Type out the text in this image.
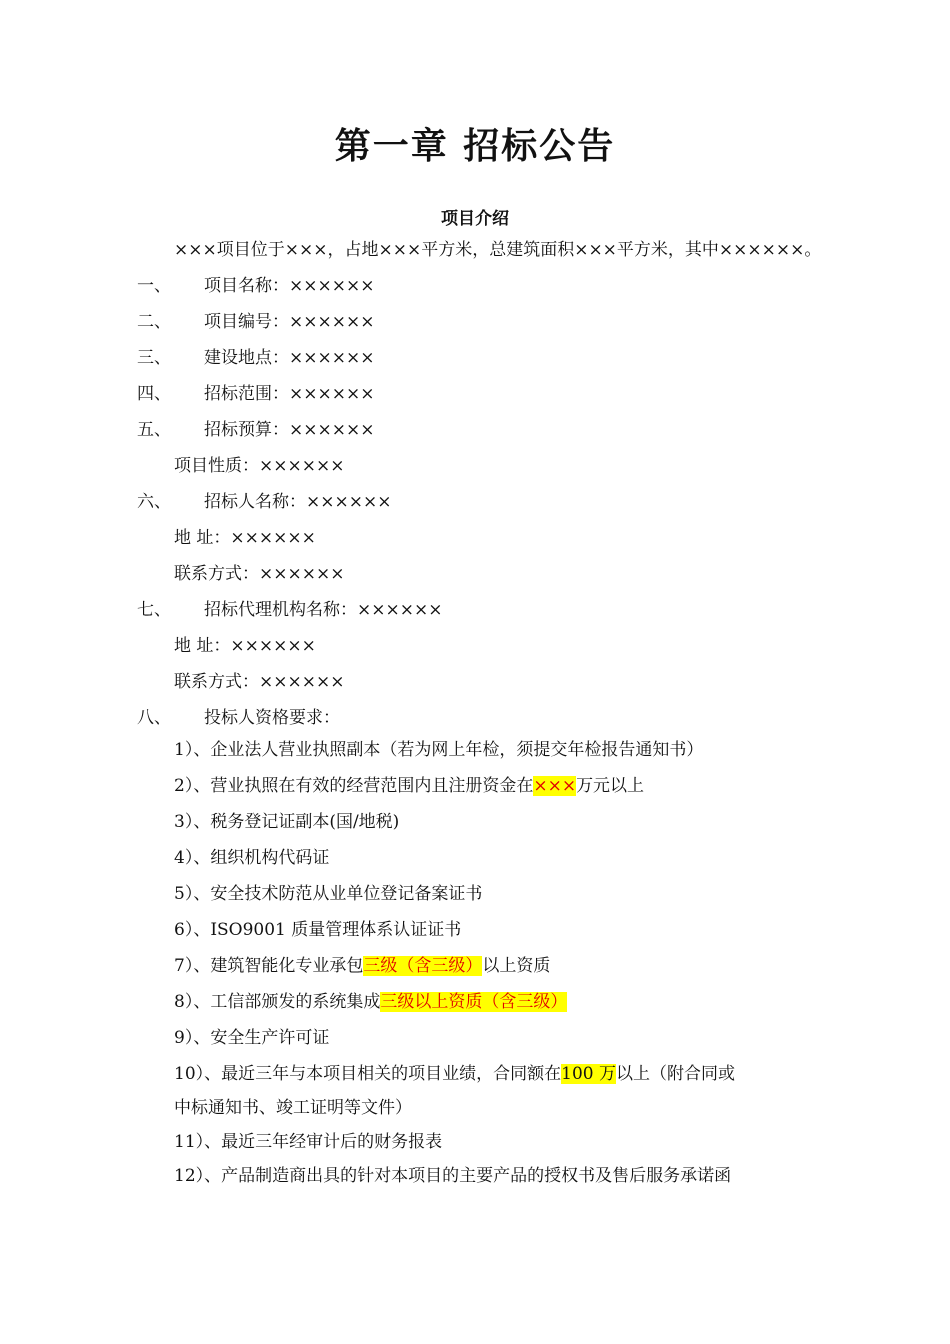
第一章 招标公告
项目介绍
×××项目位于×××，占地×××平方米，总建筑面积×××平方米，其中××××××。
一、 项目名称：××××××
二、 项目编号：××××××
三、 建设地点：××××××
四、 招标范围：××××××
五、 招标预算：××××××
项目性质：××××××
六、 招标人名称：××××××
地 址：××××××
联系方式：××××××
七、 招标代理机构名称：××××××
地 址：××××××
联系方式：××××××
八、 投标人资格要求：
1）、企业法人营业执照副本（若为网上年检，须提交年检报告通知书）
2）、营业执照在有效的经营范围内且注册资金在×××万元以上
3）、税务登记证副本(国/地税)
4）、组织机构代码证
5）、安全技术防范从业单位登记备案证书
6）、ISO9001 质量管理体系认证证书
7）、建筑智能化专业承包三级（含三级）以上资质
8）、工信部颁发的系统集成三级以上资质（含三级）
9）、安全生产许可证
10）、最近三年与本项目相关的项目业绩，合同额在100 万以上（附合同或
中标通知书、竣工证明等文件）
11）、最近三年经审计后的财务报表
12）、产品制造商出具的针对本项目的主要产品的授权书及售后服务承诺函
